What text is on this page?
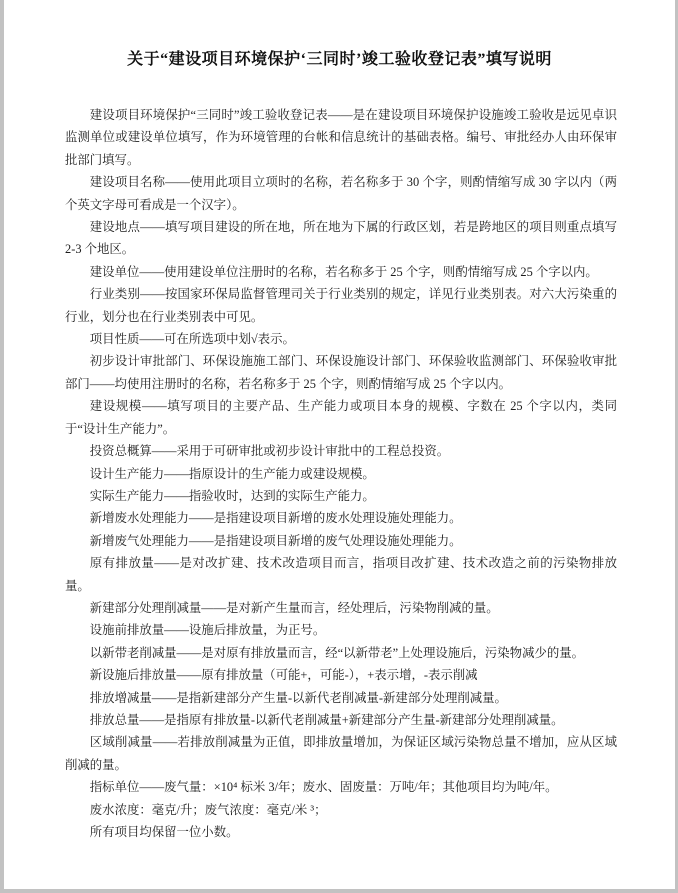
关于“建设项目环境保护‘三同时’竣工验收登记表”填写说明

建设项目环境保护“三同时”竣工验收登记表——是在建设项目环境保护设施竣工验收是远见卓识监测单位或建设单位填写，作为环境管理的台帐和信息统计的基础表格。编号、审批经办人由环保审批部门填写。

建设项目名称——使用此项目立项时的名称，若名称多于 30 个字，则酌情缩写成 30 字以内（两个英文字母可看成是一个汉字）。

建设地点——填写项目建设的所在地，所在地为下属的行政区划，若是跨地区的项目则重点填写 2-3 个地区。

建设单位——使用建设单位注册时的名称，若名称多于 25 个字，则酌情缩写成 25 个字以内。

行业类别——按国家环保局监督管理司关于行业类别的规定，详见行业类别表。对六大污染重的行业，划分也在行业类别表中可见。

项目性质——可在所选项中划√表示。

初步设计审批部门、环保设施施工部门、环保设施设计部门、环保验收监测部门、环保验收审批部门——均使用注册时的名称，若名称多于 25 个字，则酌情缩写成 25 个字以内。

建设规模——填写项目的主要产品、生产能力或项目本身的规模、字数在 25 个字以内，类同于“设计生产能力”。

投资总概算——采用于可研审批或初步设计审批中的工程总投资。

设计生产能力——指原设计的生产能力或建设规模。

实际生产能力——指验收时，达到的实际生产能力。

新增废水处理能力——是指建设项目新增的废水处理设施处理能力。

新增废气处理能力——是指建设项目新增的废气处理设施处理能力。

原有排放量——是对改扩建、技术改造项目而言，指项目改扩建、技术改造之前的污染物排放量。

新建部分处理削减量——是对新产生量而言，经处理后，污染物削减的量。

设施前排放量——设施后排放量，为正号。

以新带老削减量——是对原有排放量而言，经“以新带老”上处理设施后，污染物减少的量。

新设施后排放量——原有排放量（可能+，可能-），+表示增，-表示削减

排放增减量——是指新建部分产生量-以新代老削减量-新建部分处理削减量。

排放总量——是指原有排放量-以新代老削减量+新建部分产生量-新建部分处理削减量。

区域削减量——若排放削减量为正值，即排放量增加，为保证区域污染物总量不增加，应从区域削减的量。

指标单位——废气量：×10⁴ 标米 3/年；废水、固废量：万吨/年；其他项目均为吨/年。

废水浓度：毫克/升；废气浓度：毫克/米 ³；

所有项目均保留一位小数。
